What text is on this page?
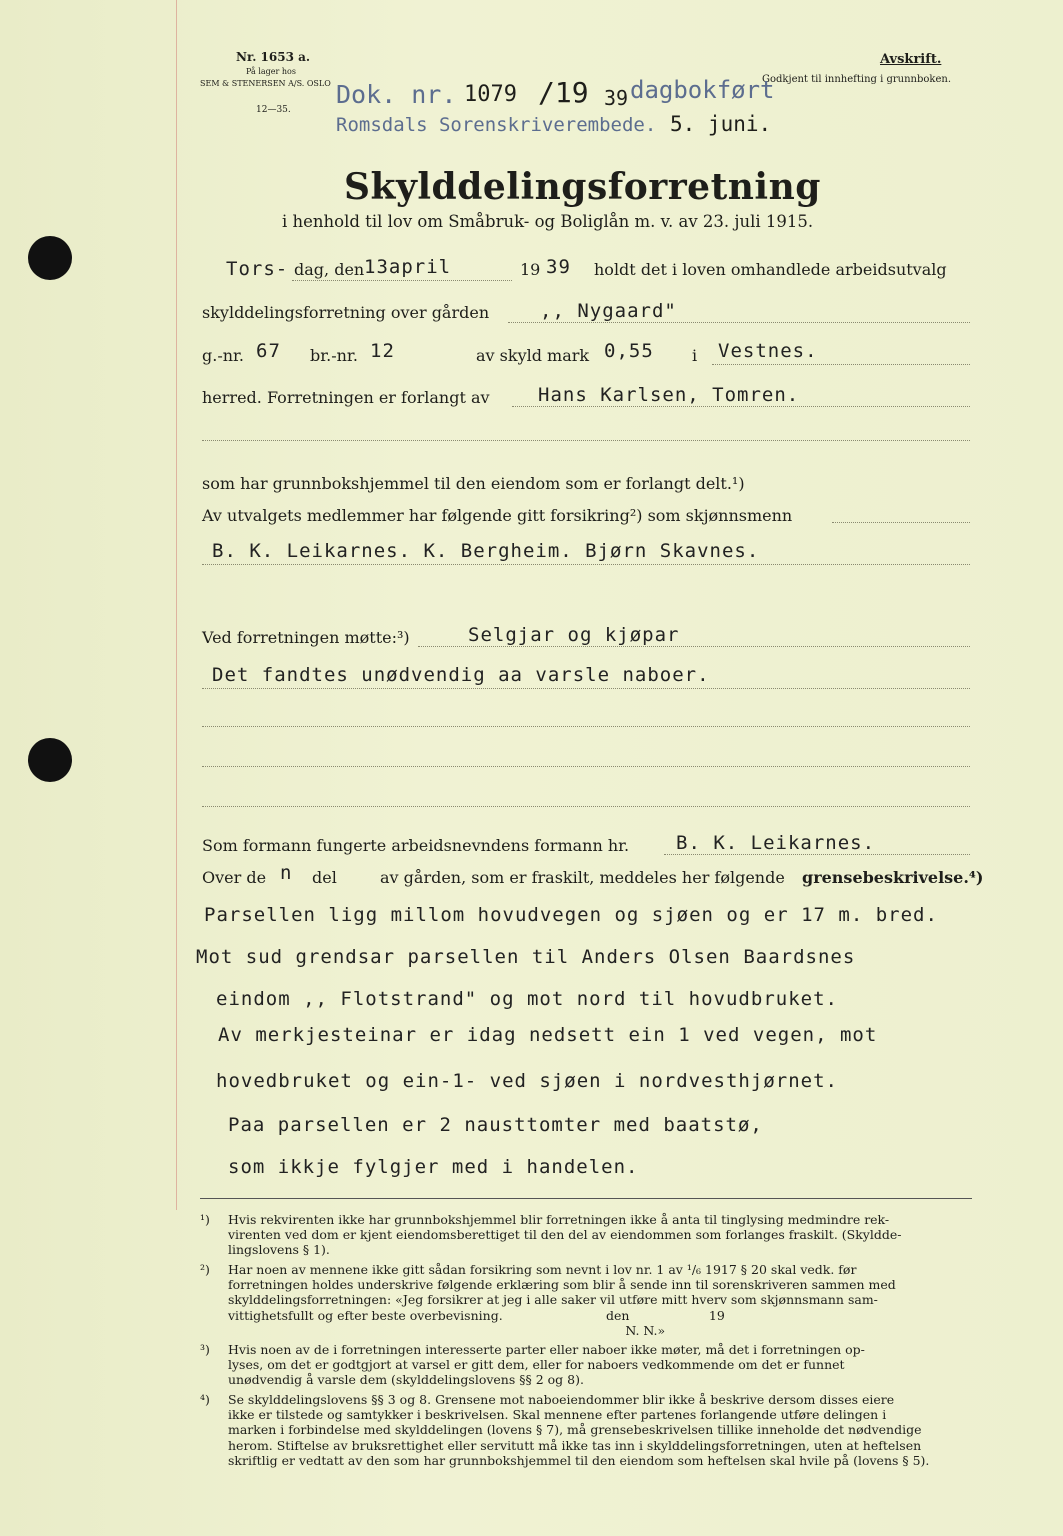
Nr. 1653 a.
På lager hos
SEM & STENERSEN A/S. OSLO
12—35.
Avskrift.
Godkjent til innhefting i grunnboken.
Dok. nr. 1079 /19 39 dagbokført
Romsdals Sorenskriverembede. 5. juni.
Skylddelingsforretning
i henhold til lov om Småbruk- og Boliglån m. v. av 23. juli 1915.
Tors- dag, den 13april	19 39 holdt det i loven omhandlede arbeidsutvalg
skylddelingsforretning over gården	,, Nygaard"
g.-nr. 67 br.-nr. 12	av skyld mark 0,55 i Vestnes.
herred. Forretningen er forlangt av	Hans Karlsen, Tomren.
som har grunnbokshjemmel til den eiendom som er forlangt delt.¹)
Av utvalgets medlemmer har følgende gitt forsikring²) som skjønnsmenn
B. K. Leikarnes. K. Bergheim. Bjørn Skavnes.
Ved forretningen møtte:³)	Selgjar og kjøpar
Det fandtes unødvendig aa varsle naboer.
Som formann fungerte arbeidsnevndens formann hr. B. K. Leikarnes.
Over de n del	av gården, som er fraskilt, meddeles her følgende grensebeskrivelse.⁴)
Parsellen ligg millom hovudvegen og sjøen og er 17 m. bred.
Mot sud grendsar parsellen til Anders Olsen Baardsnes
eindom ,, Flotstrand" og mot nord til hovudbruket.
Av merkjesteinar er idag nedsett ein 1 ved vegen, mot
hovedbruket og ein-1- ved sjøen i nordvesthjørnet.
Paa parsellen er 2 nausttomter med baatstø,
som ikkje fylgjer med i handelen.
¹) Hvis rekvirenten ikke har grunnbokshjemmel blir forretningen ikke å anta til tinglysing medmindre rek-
virenten ved dom er kjent eiendomsberettiget til den del av eiendommen som forlanges fraskilt. (Skyldde-
lingslovens § 1).
²) Har noen av mennene ikke gitt sådan forsikring som nevnt i lov nr. 1 av ¹/₆ 1917 § 20 skal vedk. før
forretningen holdes underskrive følgende erklæring som blir å sende inn til sorenskriveren sammen med
skylddelingsforretningen: «Jeg forsikrer at jeg i alle saker vil utføre mitt hverv som skjønnsmann sam-
vittighetsfullt og efter beste overbevisning.                          den                    19
N. N.»
³) Hvis noen av de i forretningen interesserte parter eller naboer ikke møter, må det i forretningen op-
lyses, om det er godtgjort at varsel er gitt dem, eller for naboers vedkommende om det er funnet
unødvendig å varsle dem (skylddelingslovens §§ 2 og 8).
⁴) Se skylddelingslovens §§ 3 og 8. Grensene mot naboeiendommer blir ikke å beskrive dersom disses eiere
ikke er tilstede og samtykker i beskrivelsen. Skal mennene efter partenes forlangende utføre delingen i
marken i forbindelse med skylddelingen (lovens § 7), må grensebeskrivelsen tillike inneholde det nødvendige
herom. Stiftelse av bruksrettighet eller servitutt må ikke tas inn i skylddelingsforretningen, uten at heftelsen
skriftlig er vedtatt av den som har grunnbokshjemmel til den eiendom som heftelsen skal hvile på (lovens § 5).
